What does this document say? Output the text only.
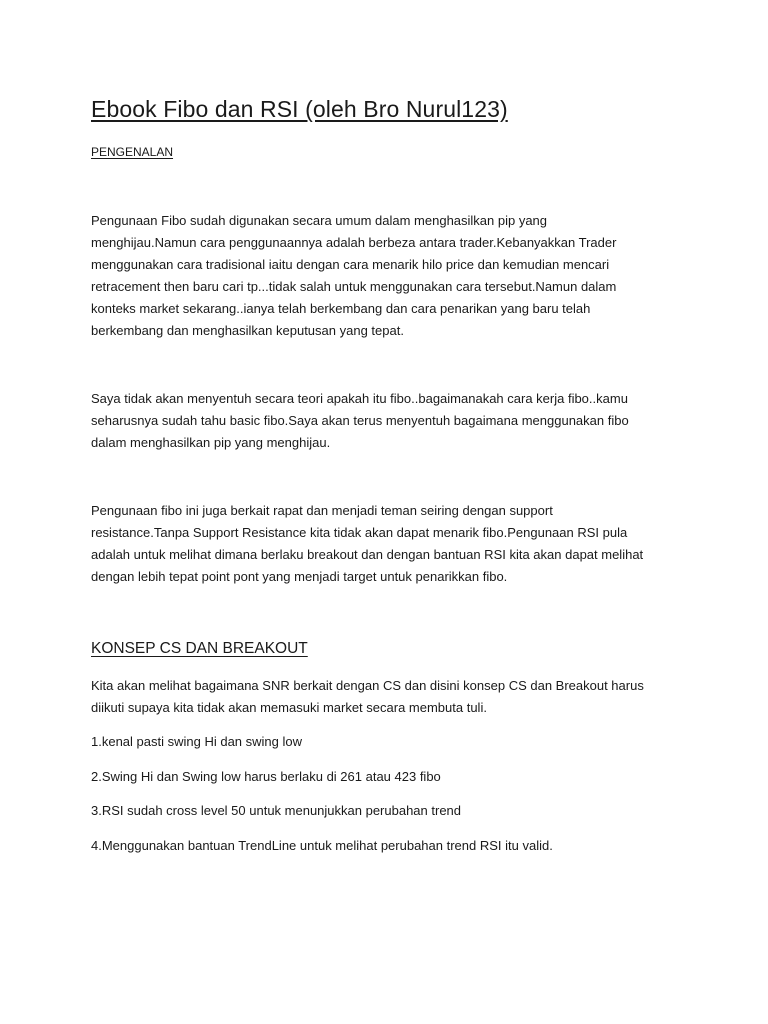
Ebook Fibo dan RSI (oleh Bro Nurul123)
PENGENALAN
Pengunaan Fibo sudah digunakan secara umum dalam menghasilkan pip yang
menghijau.Namun cara penggunaannya adalah berbeza antara trader.Kebanyakkan Trader
menggunakan cara tradisional iaitu dengan cara menarik hilo price dan kemudian mencari
retracement then baru cari tp...tidak salah untuk menggunakan cara tersebut.Namun dalam
konteks market sekarang..ianya telah berkembang dan cara penarikan yang baru telah
berkembang dan menghasilkan keputusan yang tepat.
Saya tidak akan menyentuh secara teori apakah itu fibo..bagaimanakah cara kerja fibo..kamu
seharusnya sudah tahu basic fibo.Saya akan terus menyentuh bagaimana menggunakan fibo
dalam menghasilkan pip yang menghijau.
Pengunaan fibo ini juga berkait rapat dan menjadi teman seiring dengan support
resistance.Tanpa Support Resistance kita tidak akan dapat menarik fibo.Pengunaan RSI pula
adalah untuk melihat dimana berlaku breakout dan dengan bantuan RSI kita akan dapat melihat
dengan lebih tepat point pont yang menjadi target untuk penarikkan fibo.
KONSEP CS DAN BREAKOUT
Kita akan melihat bagaimana SNR berkait dengan CS dan disini konsep CS dan Breakout harus
diikuti supaya kita tidak akan memasuki market secara membuta tuli.
1.kenal pasti swing Hi dan swing low
2.Swing Hi dan Swing low harus berlaku di 261 atau 423 fibo
3.RSI sudah cross level 50 untuk menunjukkan perubahan trend
4.Menggunakan bantuan TrendLine untuk melihat perubahan trend RSI itu valid.
